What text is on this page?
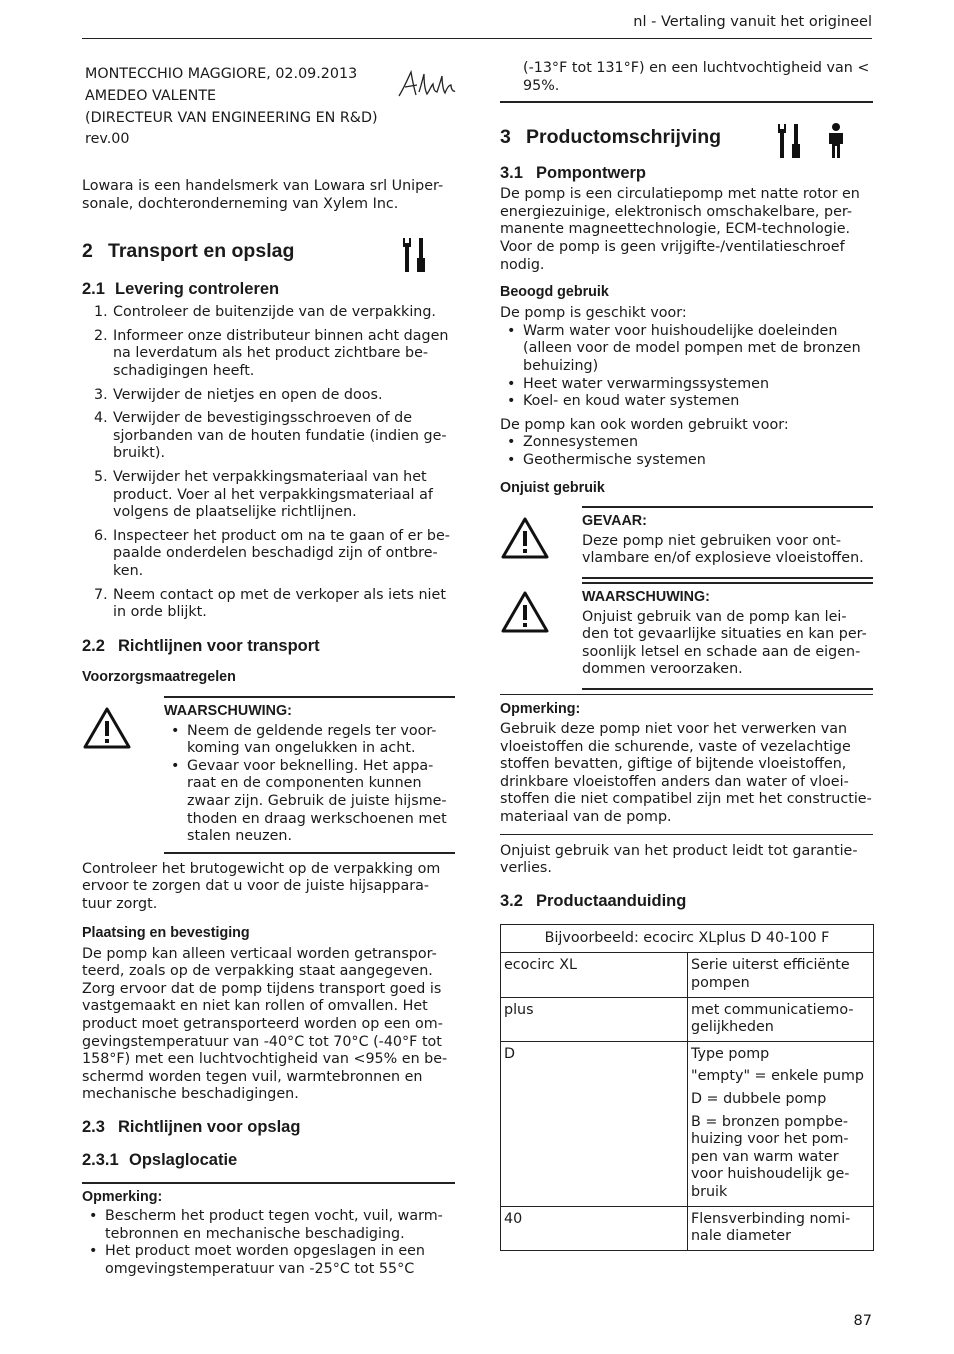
nl - Vertaling vanuit het origineel
MONTECCHIO MAGGIORE, 02.09.2013
AMEDEO VALENTE
(DIRECTEUR VAN ENGINEERING EN R&D)
rev.00

Lowara is een handelsmerk van Lowara srl Uniper-sonale, dochteronderneming van Xylem Inc.

2 Transport en opslag
2.1 Levering controleren
1. Controleer de buitenzijde van de verpakking.
2. Informeer onze distributeur binnen acht dagen na leverdatum als het product zichtbare be-schadigingen heeft.
3. Verwijder de nietjes en open de doos.
4. Verwijder de bevestigingsschroeven of de sjorbanden van de houten fundatie (indien ge-bruikt).
5. Verwijder het verpakkingsmateriaal van het product. Voer al het verpakkingsmateriaal af volgens de plaatselijke richtlijnen.
6. Inspecteer het product om na te gaan of er be-paalde onderdelen beschadigd zijn of ontbre-ken.
7. Neem contact op met de verkoper als iets niet in orde blijkt.
2.2 Richtlijnen voor transport
Voorzorgsmaatregelen
WAARSCHUWING:
• Neem de geldende regels ter voor-koming van ongelukken in acht.
• Gevaar voor beknelling. Het appa-raat en de componenten kunnen zwaar zijn. Gebruik de juiste hijsme-thoden en draag werkschoenen met stalen neuzen.

Controleer het brutogewicht op de verpakking om ervoor te zorgen dat u voor de juiste hijsappara-tuur zorgt.

Plaatsing en bevestiging

De pomp kan alleen verticaal worden getranspor-teerd, zoals op de verpakking staat aangegeven. Zorg ervoor dat de pomp tijdens transport goed is vastgemaakt en niet kan rollen of omvallen. Het product moet getransporteerd worden op een om-gevingstemperatuur van -40°C tot 70°C (-40°F tot 158°F) met een luchtvochtigheid van <95% en be-schermd worden tegen vuil, warmtebronnen en mechanische beschadigingen.

2.3 Richtlijnen voor opslag
2.3.1 Opslaglocatie
Opmerking:
• Bescherm het product tegen vocht, vuil, warm-tebronnen en mechanische beschadiging.
• Het product moet worden opgeslagen in een omgevingstemperatuur van -25°C tot 55°C

(-13°F tot 131°F) en een luchtvochtigheid van < 95%.

3 Productomschrijving
3.1 Pompontwerp

De pomp is een circulatiepomp met natte rotor en energiezuinige, elektronisch omschakelbare, per-manente magneettechnologie, ECM-technologie. Voor de pomp is geen vrijgifte-/ventilatieschroef nodig.

Beoogd gebruik

De pomp is geschikt voor:

• Warm water voor huishoudelijke doeleinden (alleen voor de model pompen met de bronzen behuizing)
• Heet water verwarmingssystemen
• Koel- en koud water systemen

De pomp kan ook worden gebruikt voor:

• Zonnesystemen
• Geothermische systemen
Onjuist gebruik
GEVAAR:

Deze pomp niet gebruiken voor ont-vlambare en/of explosieve vloeistoffen.

WAARSCHUWING:

Onjuist gebruik van de pomp kan lei-den tot gevaarlijke situaties en kan per-soonlijk letsel en schade aan de eigen-dommen veroorzaken.

Opmerking:

Gebruik deze pomp niet voor het verwerken van vloeistoffen die schurende, vaste of vezelachtige stoffen bevatten, giftige of bijtende vloeistoffen, drinkbare vloeistoffen anders dan water of vloei-stoffen die niet compatibel zijn met het constructie-materiaal van de pomp.

Onjuist gebruik van het product leidt tot garantie-verlies.

3.2 Productaanduiding
Bijvoorbeeld: ecocirc XLplus D 40-100 F	
ecocirc XL	Serie uiterst efficiënte pompen

plus	met communicatiemo-gelijkheden

D	Type pomp

"empty" = enkele pump

D = dubbele pomp

B = bronzen pompbe-huizing voor het pom-pen van warm water voor huishoudelijk ge-bruik

40	Flensverbinding nomi-nale diameter

87
